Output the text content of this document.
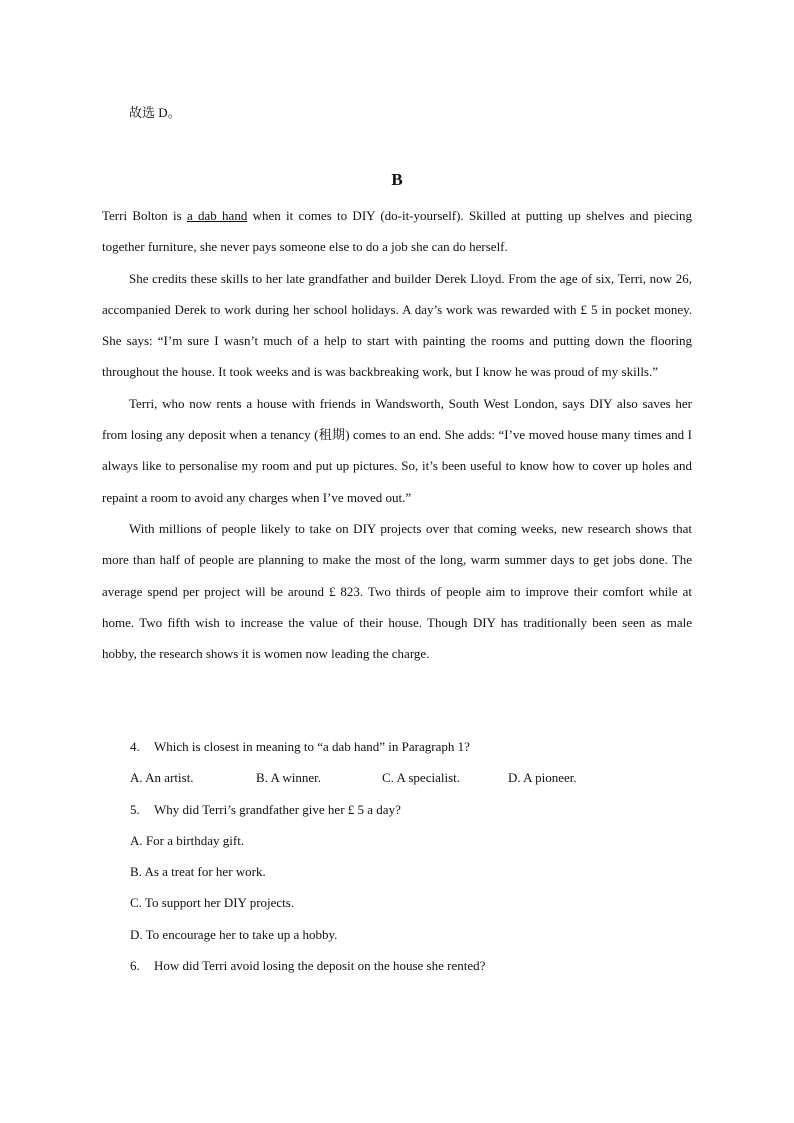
故选 D。
B

Terri Bolton is a dab hand when it comes to DIY (do-it-yourself). Skilled at putting up shelves and piecing together furniture, she never pays someone else to do a job she can do herself.

She credits these skills to her late grandfather and builder Derek Lloyd. From the age of six, Terri, now 26, accompanied Derek to work during her school holidays. A day’s work was rewarded with £ 5 in pocket money. She says: “I’m sure I wasn’t much of a help to start with painting the rooms and putting down the flooring throughout the house. It took weeks and is was backbreaking work, but I know he was proud of my skills.”

Terri, who now rents a house with friends in Wandsworth, South West London, says DIY also saves her from losing any deposit when a tenancy (租期) comes to an end. She adds: “I’ve moved house many times and I always like to personalise my room and put up pictures. So, it’s been useful to know how to cover up holes and repaint a room to avoid any charges when I’ve moved out.”

With millions of people likely to take on DIY projects over that coming weeks, new research shows that more than half of people are planning to make the most of the long, warm summer days to get jobs done. The average spend per project will be around £ 823. Two thirds of people aim to improve their comfort while at home. Two fifth wish to increase the value of their house. Though DIY has traditionally been seen as male hobby, the research shows it is women now leading the charge.

4. Which is closest in meaning to “a dab hand” in Paragraph 1?
A. An artist.	B. A winner.	C. A specialist.	D. A pioneer.
5. Why did Terri’s grandfather give her £ 5 a day?
A. For a birthday gift.
B. As a treat for her work.
C. To support her DIY projects.
D. To encourage her to take up a hobby.
6. How did Terri avoid losing the deposit on the house she rented?
